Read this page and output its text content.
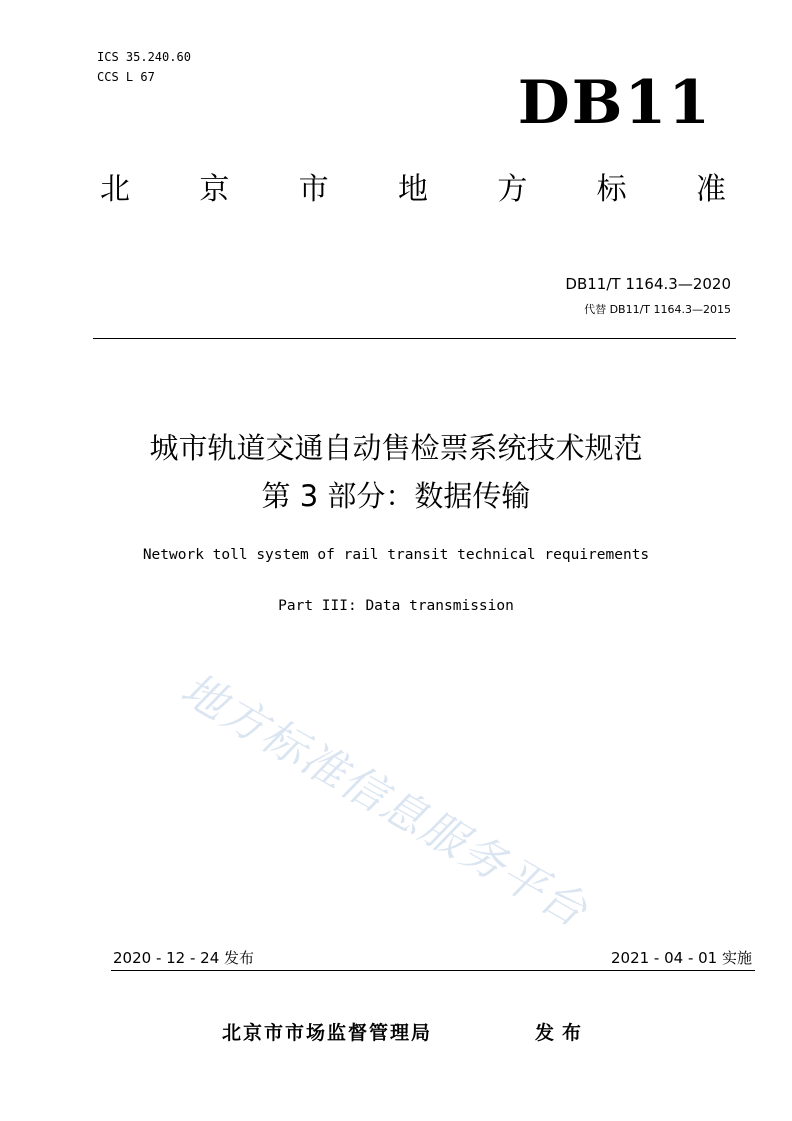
ICS 35.240.60
CCS L 67	DB11
北 京 市 地 方 标 准
DB11/T 1164.3—2020
代替 DB11/T 1164.3—2015
城市轨道交通自动售检票系统技术规范
第 3 部分：数据传输
Network toll system of rail transit technical requirements
Part III: Data transmission
地方标准信息服务平台
2020 - 12 - 24 发布	2021 - 04 - 01 实施
北京市市场监督管理局	发布
